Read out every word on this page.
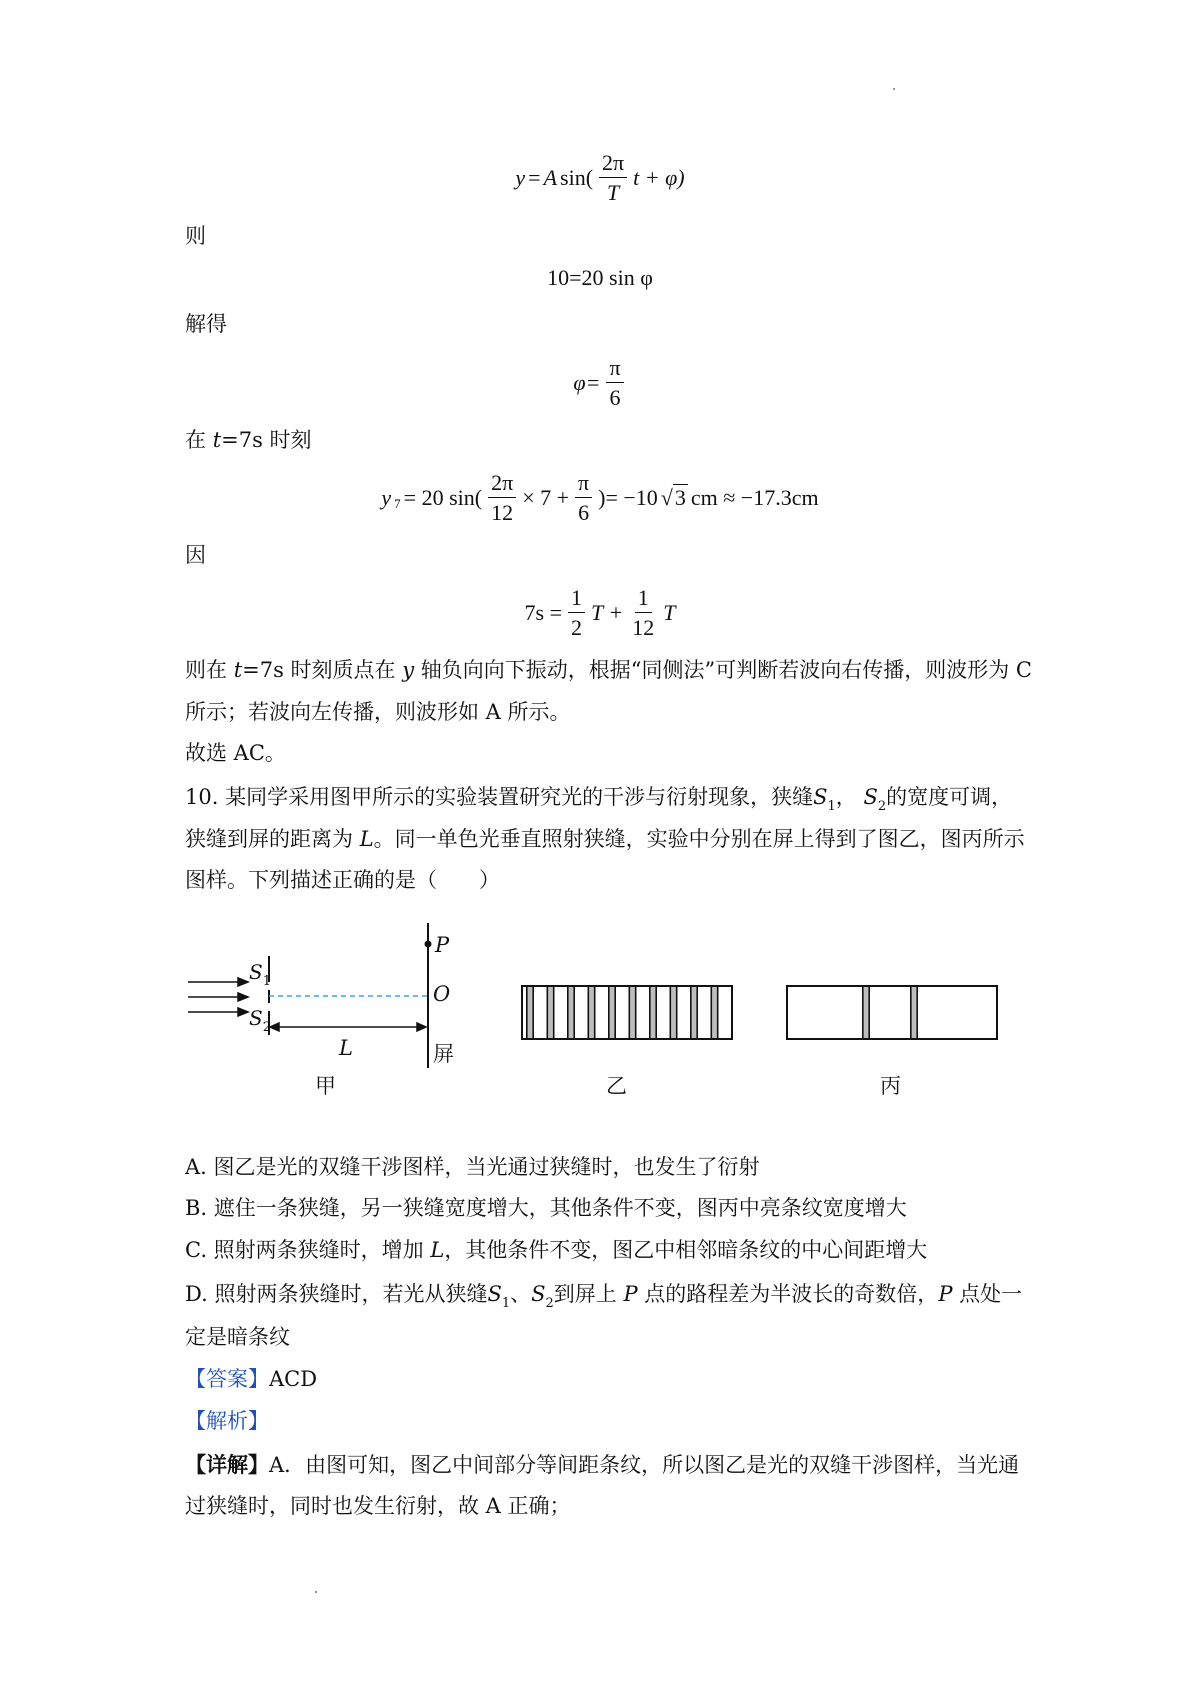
y = A $\sin( \frac{2\pi}{T}$ t + φ)
则
10=20 sin φ
解得
$\varphi= \frac{\pi}{6}$
在 t=7s 时刻
y 7 = 20 $\sin( \frac{2\pi}{12} \times 7 + \frac{\pi}{6}$ )= −10 √ 3 cm ≈ −17.3cm
因
$7s = \frac{1}{2}$ $T + \frac{1}{12}$ T
则在 t=7s 时刻质点在 y 轴负向向下振动，根据“同侧法”可判断若波向右传播，则波形为 C
所示；若波向左传播，则波形如 A 所示。
故选 AC。
10. 某同学采用图甲所示的实验装置研究光的干涉与衍射现象，狭缝$S_1$， $S_2$的宽度可调，
狭缝到屏的距离为 L。同一单色光垂直照射狭缝，实验中分别在屏上得到了图乙，图丙所示
图样。下列描述正确的是（　　）
P
O
$S_1$
$S_2$
L	屏
甲	乙	丙
A. 图乙是光的双缝干涉图样，当光通过狭缝时，也发生了衍射
B. 遮住一条狭缝，另一狭缝宽度增大，其他条件不变，图丙中亮条纹宽度增大
C. 照射两条狭缝时，增加 L，其他条件不变，图乙中相邻暗条纹的中心间距增大
D. 照射两条狭缝时，若光从狭缝$S_1$、$S_2$到屏上 P 点的路程差为半波长的奇数倍，P 点处一
定是暗条纹
【答案】ACD
【解析】
【详解】A．由图可知，图乙中间部分等间距条纹，所以图乙是光的双缝干涉图样，当光通
过狭缝时，同时也发生衍射，故 A 正确；
